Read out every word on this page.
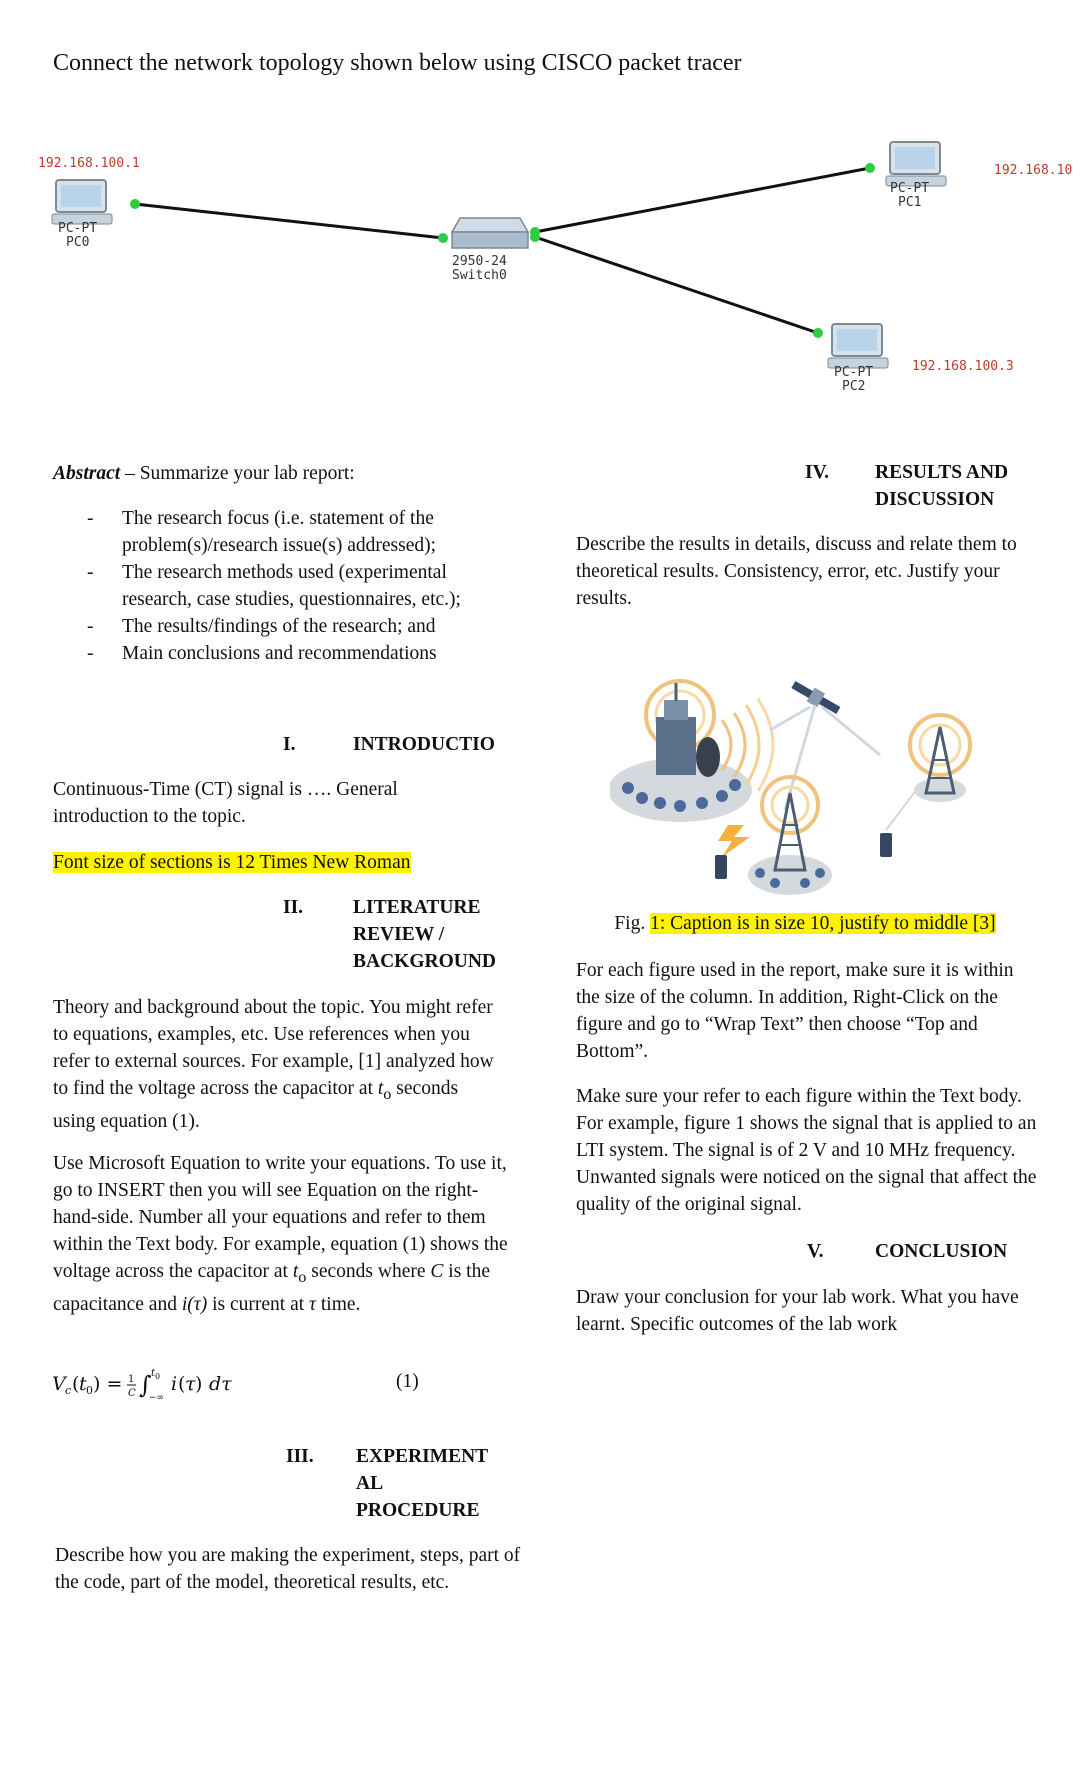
Connect the network topology shown below using CISCO packet tracer
192.168.100.1
PC-PT
PC0
2950-24
Switch0
192.168.10
PC-PT
PC1
192.168.100.3
PC-PT
PC2
Abstract – Summarize your lab report:
- The research focus (i.e. statement of the problem(s)/research issue(s) addressed);
- The research methods used (experimental research, case studies, questionnaires, etc.);
- The results/findings of the research; and
- Main conclusions and recommendations
I.	INTRODUCTIO
Continuous-Time (CT) signal is …. General introduction to the topic.
Font size of sections is 12 Times New Roman
II.	LITERATURE
REVIEW /
BACKGROUND
Theory and background about the topic. You might refer to equations, examples, etc. Use references when you refer to external sources. For example, [1] analyzed how to find the voltage across the capacitor at $t_o$ seconds using equation (1).
Use Microsoft Equation to write your equations. To use it, go to INSERT then you will see Equation on the right-hand-side. Number all your equations and refer to them within the Text body. For example, equation (1) shows the voltage across the capacitor at $t_o$ seconds where C is the capacitance and i(τ) is current at τ time.
V c ( t 0 ) = 1
C ∫ t 0
−∞
i ( τ ) dτ	(1)
III. EXPERIMENT
AL
PROCEDURE
Describe how you are making the experiment, steps, part of the code, part of the model, theoretical results, etc.
IV. RESULTS AND
DISCUSSION
Describe the results in details, discuss and relate them to theoretical results. Consistency, error, etc. Justify your results.
Fig. 1: Caption is in size 10, justify to middle [3]
For each figure used in the report, make sure it is within the size of the column. In addition, Right-Click on the figure and go to “Wrap Text” then choose “Top and Bottom”.
Make sure your refer to each figure within the Text body. For example, figure 1 shows the signal that is applied to an LTI system. The signal is of 2 V and 10 MHz frequency. Unwanted signals were noticed on the signal that affect the quality of the original signal.
V.	CONCLUSION
Draw your conclusion for your lab work. What you have learnt. Specific outcomes of the lab work
